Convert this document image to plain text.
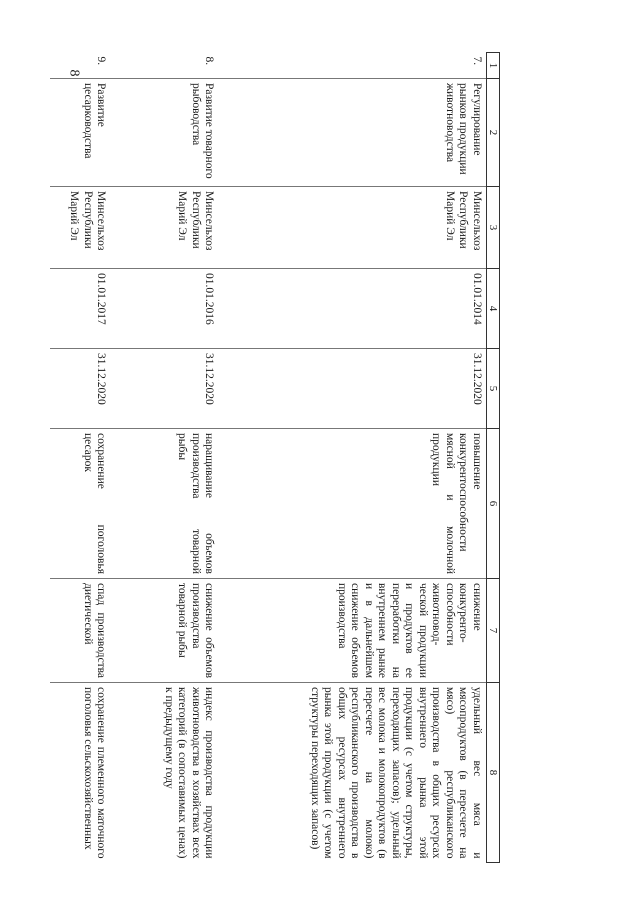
8
1	2	3	4	5	6	7	8
7.	Регулирование рынков продукции животноводства	Минсельхоз Республики Марий Эл	01.01.2014	31.12.2020	повышение конкурентоспособности мясной и молочной продукции	снижение конкуренто-способности животновод-ческой продукции и продуктов ее переработки на внутреннем рынке и в дальнейшем снижение объемов производства	удельный вес мяса и мясопродуктов (в пересчете на мясо) республиканского производства в общих ресурсах внутреннего рынка этой продукции (с учетом структуры, переходящих запасов); удельный вес молока и молокопродуктов (в пересчете на молоко) республиканского производства в общих ресурсах внутреннего рынка этой продукции (с учетом структуры переходящих запасов)
8.	Развитие товарного рыбоводства	Минсельхоз Республики Марий Эл	01.01.2016	31.12.2020	наращивание объемов производства товарной рыбы	снижение объемов производства товарной рыбы	индекс производства продукции животноводства в хозяйствах всех категорий (в сопоставимых ценах) к предыдущему году
9.	Развитие цесарководства	Минсельхоз Республики Марий Эл	01.01.2017	31.12.2020	сохранение поголовья цесарок	спад производства диетической	сохранение племенного маточного поголовья сельскохозяйственных
